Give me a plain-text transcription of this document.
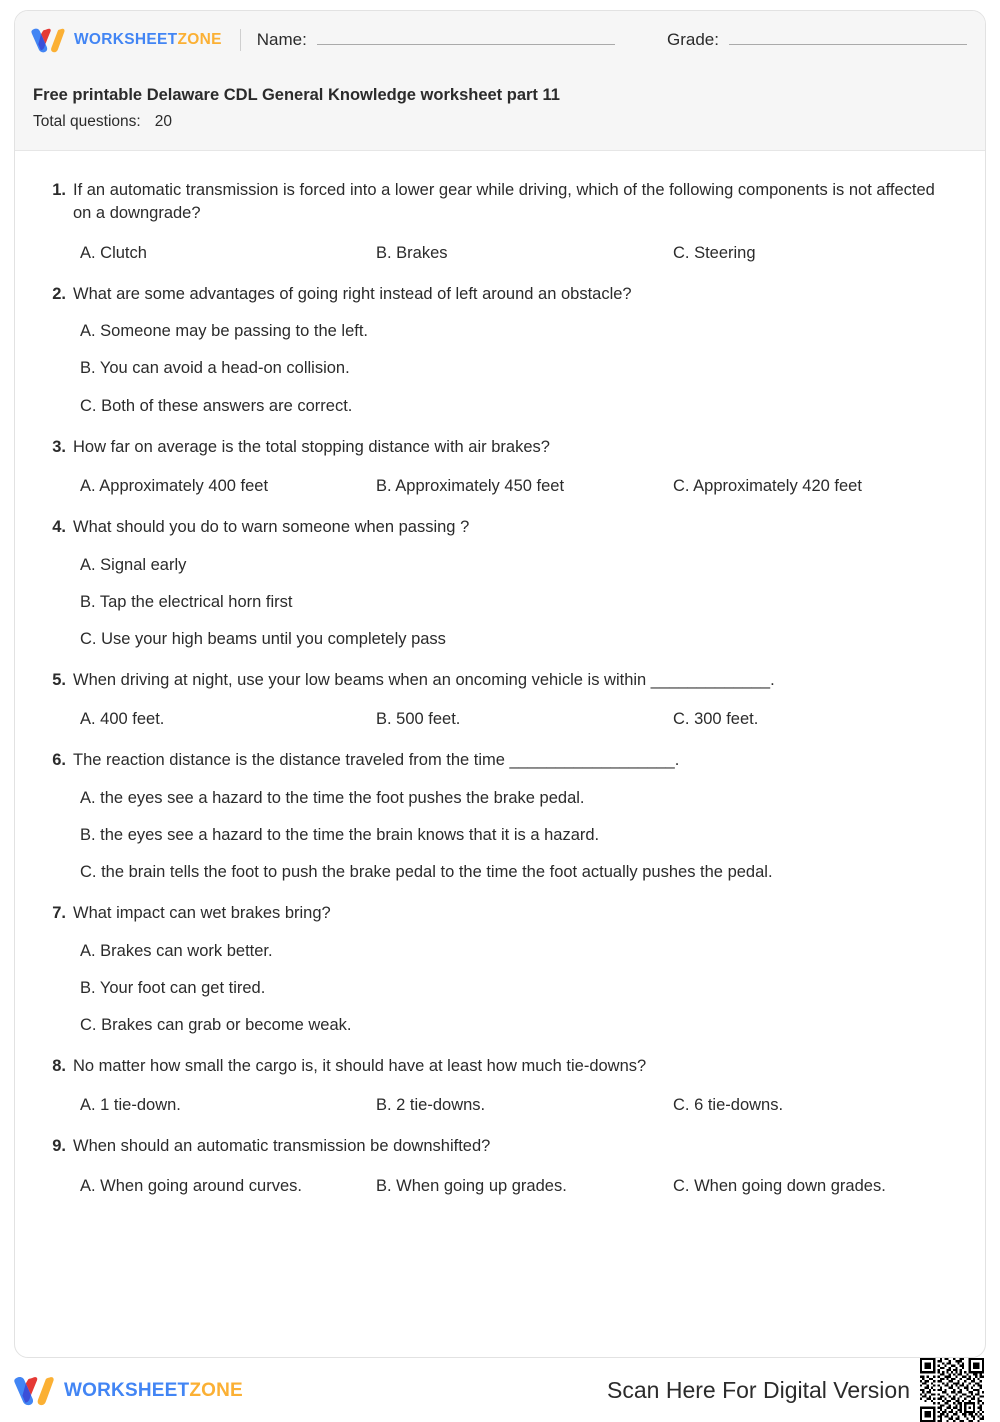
WORKSHEETZONE Name:	Grade:
Free printable Delaware CDL General Knowledge worksheet part 11
Total questions: 20
1. If an automatic transmission is forced into a lower gear while driving, which of the following components is not affected on a downgrade?
A. Clutch	B. Brakes	C. Steering
2. What are some advantages of going right instead of left around an obstacle?
A. Someone may be passing to the left.
B. You can avoid a head-on collision.
C. Both of these answers are correct.
3. How far on average is the total stopping distance with air brakes?
A. Approximately 400 feet	B. Approximately 450 feet	C. Approximately 420 feet
4. What should you do to warn someone when passing ?
A. Signal early
B. Tap the electrical horn first
C. Use your high beams until you completely pass
5. When driving at night, use your low beams when an oncoming vehicle is within _____________.
A. 400 feet.	B. 500 feet.	C. 300 feet.
6. The reaction distance is the distance traveled from the time __________________.
A. the eyes see a hazard to the time the foot pushes the brake pedal.
B. the eyes see a hazard to the time the brain knows that it is a hazard.
C. the brain tells the foot to push the brake pedal to the time the foot actually pushes the pedal.
7. What impact can wet brakes bring?
A. Brakes can work better.
B. Your foot can get tired.
C. Brakes can grab or become weak.
8. No matter how small the cargo is, it should have at least how much tie-downs?
A. 1 tie-down.	B. 2 tie-downs.	C. 6 tie-downs.
9. When should an automatic transmission be downshifted?
A. When going around curves.	B. When going up grades.	C. When going down grades.
WORKSHEETZONE	Scan Here For Digital Version
